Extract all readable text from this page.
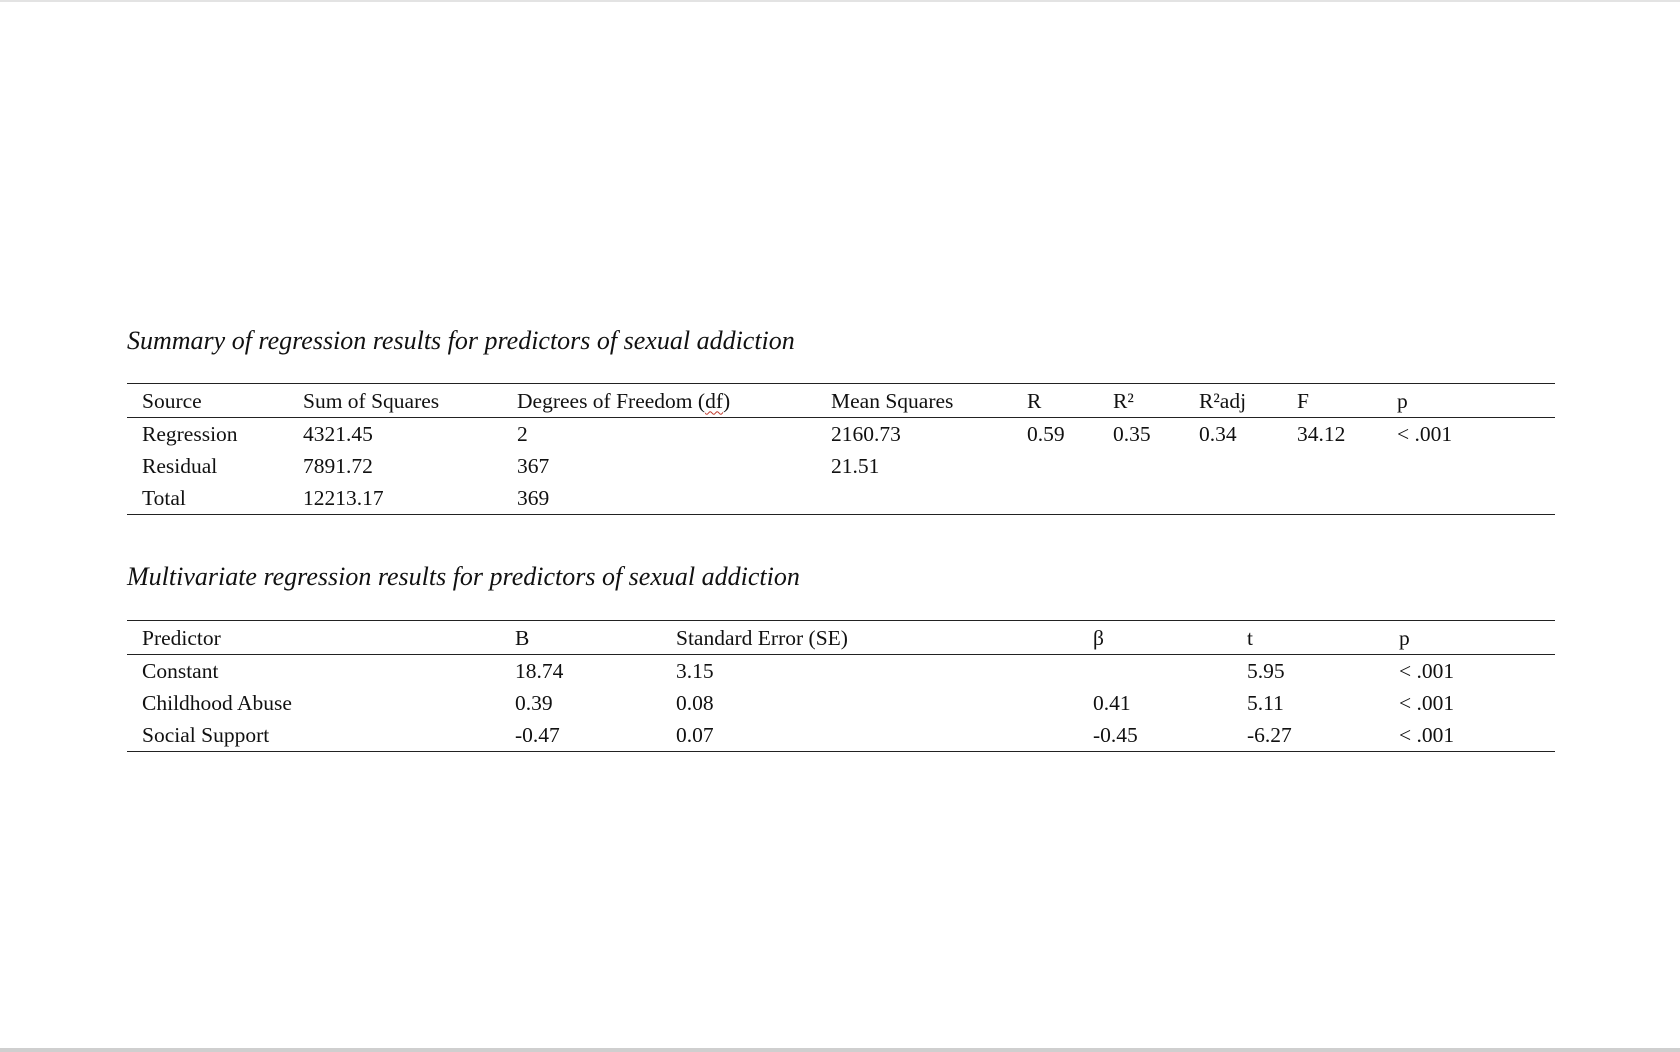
Summary of regression results for predictors of sexual addiction
Source	Sum of Squares	Degrees of Freedom (df)	Mean Squares	R	R²	R²adj	F	p
Regression	4321.45	2	2160.73	0.59	0.35	0.34	34.12	< .001
Residual	7891.72	367	21.51					
Total	12213.17	369						
Multivariate regression results for predictors of sexual addiction
Predictor	B	Standard Error (SE)	β	t	p
Constant	18.74	3.15		5.95	< .001
Childhood Abuse	0.39	0.08	0.41	5.11	< .001
Social Support	-0.47	0.07	-0.45	-6.27	< .001
